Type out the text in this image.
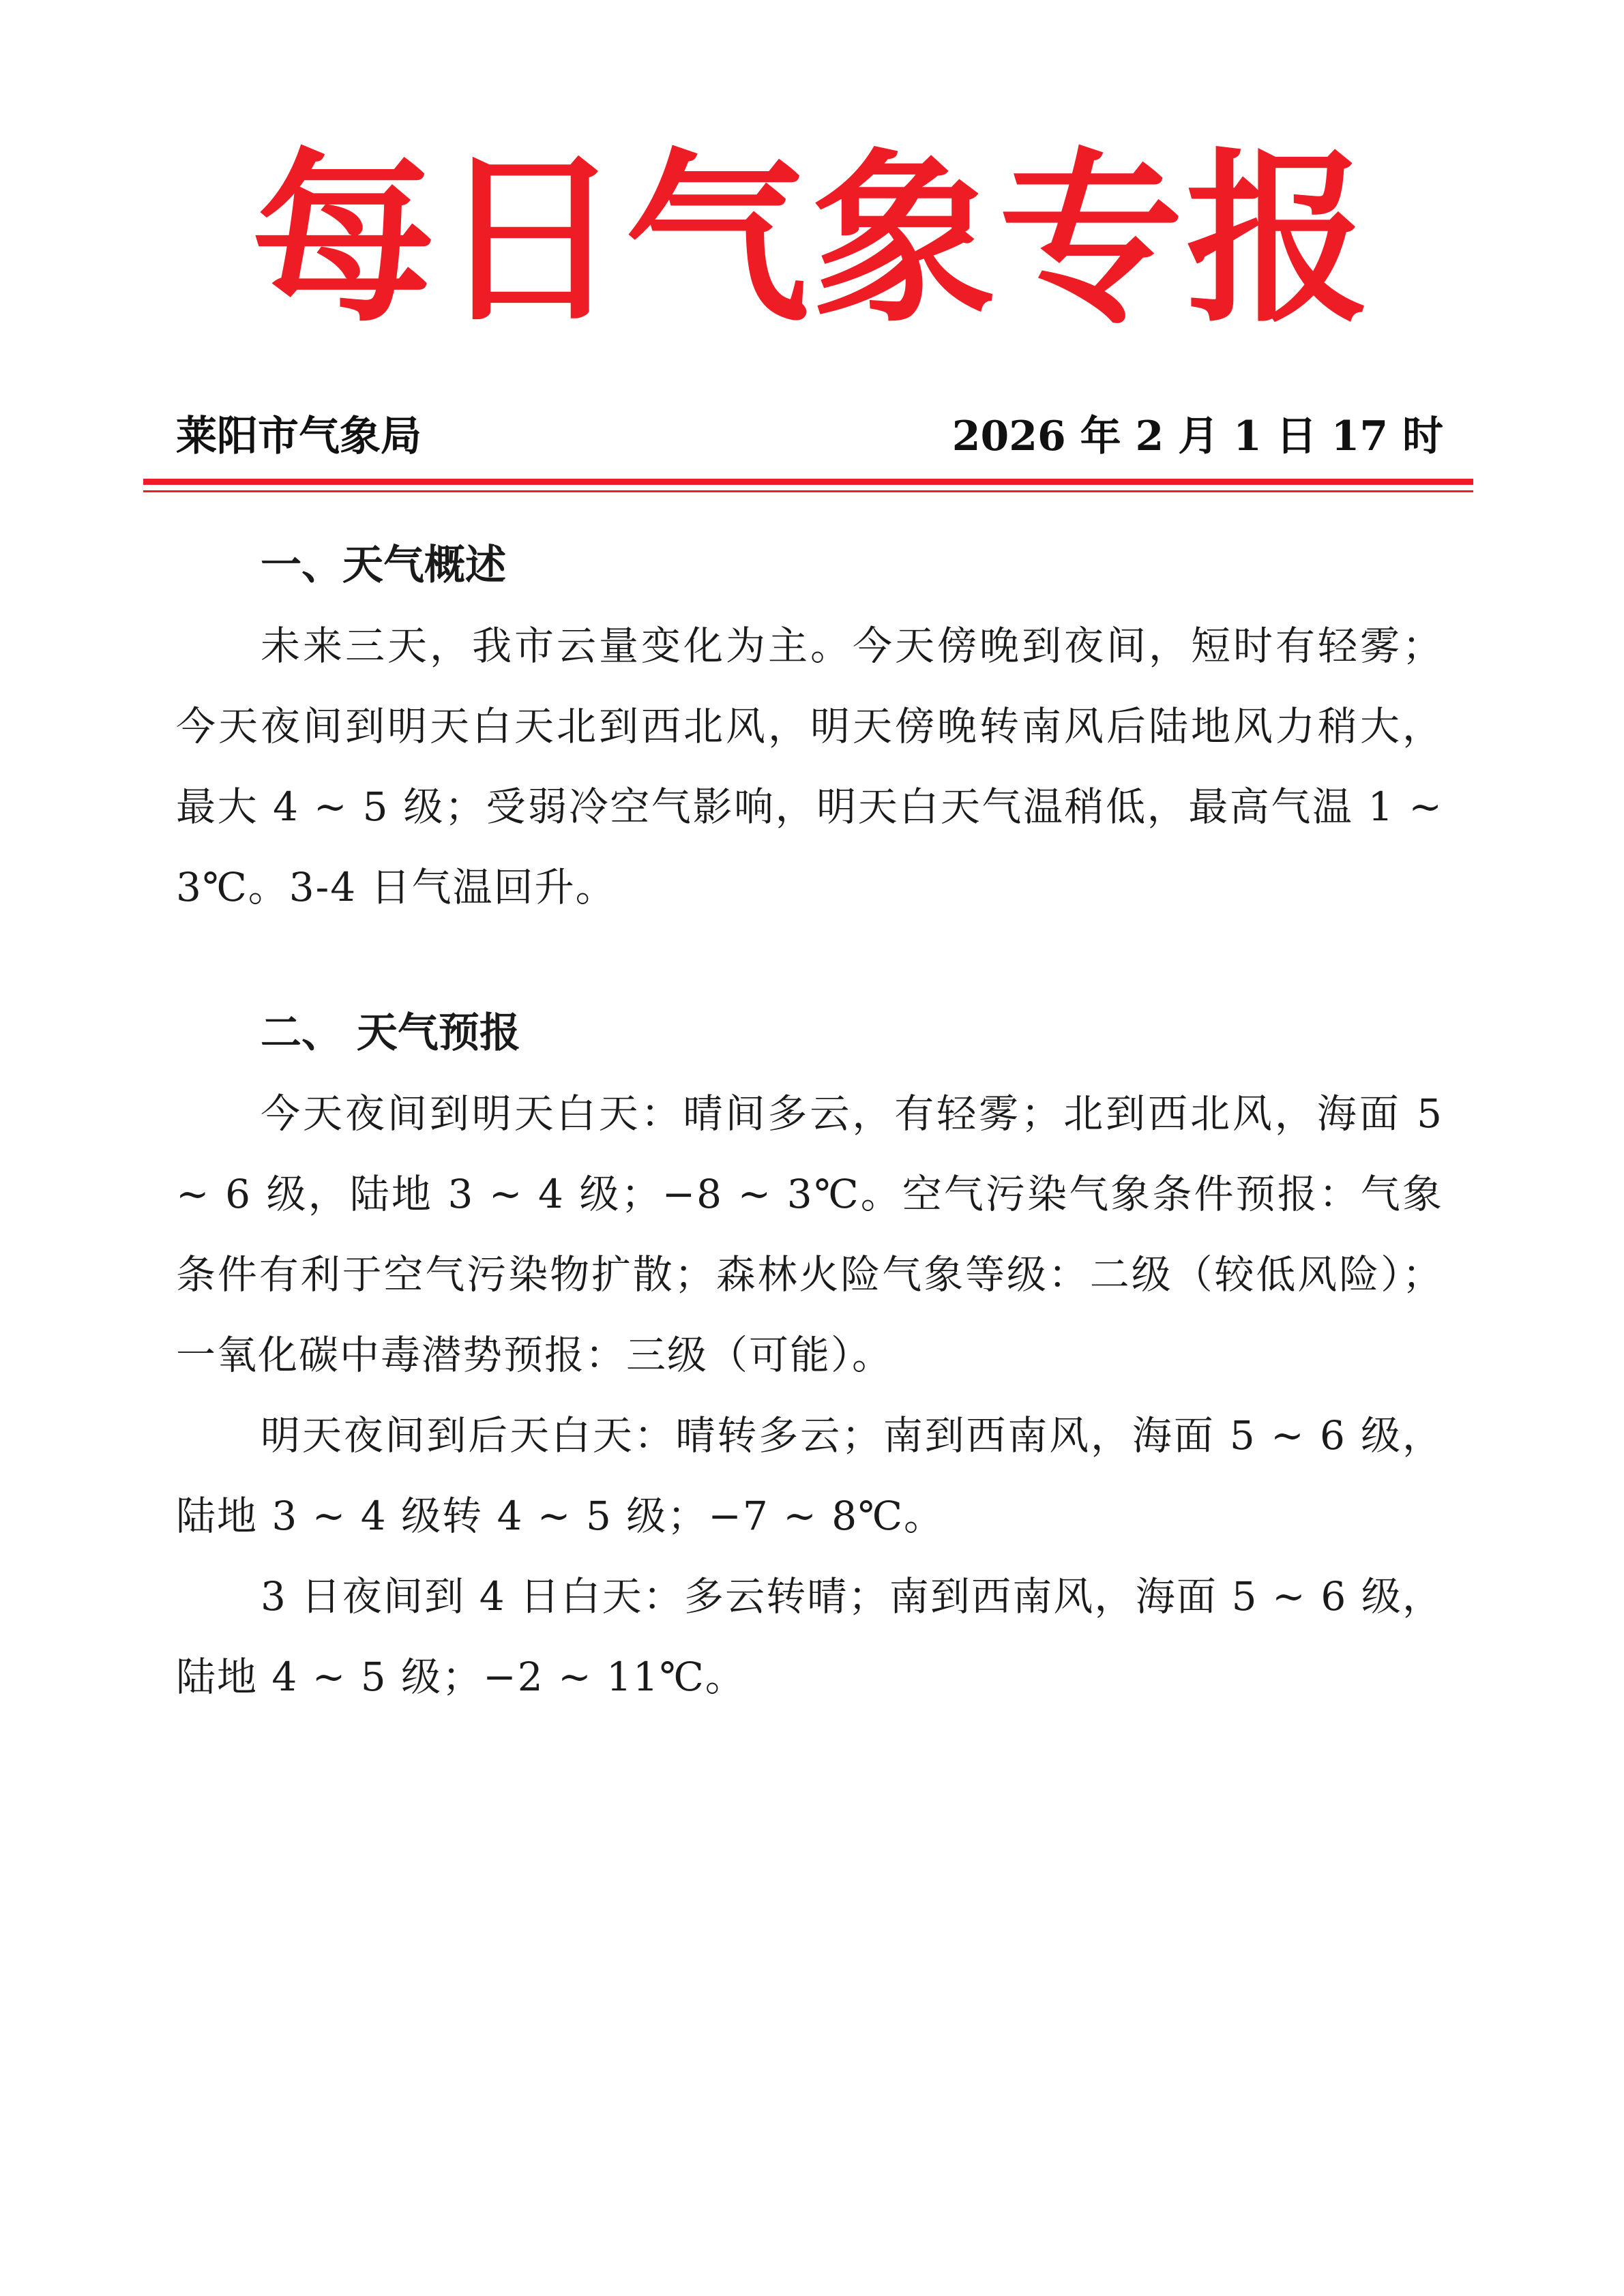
每日气象专报
莱阳市气象局	2026 年 2 月 1 日 17 时
一、天气概述

未来三天，我市云量变化为主。今天傍晚到夜间，短时有轻雾；今天夜间到明天白天北到西北风，明天傍晚转南风后陆地风力稍大，最大 4 ~ 5 级；受弱冷空气影响，明天白天气温稍低，最高气温 1 ~ 3℃。3-4 日气温回升。

二、 天气预报

今天夜间到明天白天：晴间多云，有轻雾；北到西北风，海面 5 ~ 6 级，陆地 3 ~ 4 级；−8 ~ 3℃。空气污染气象条件预报：气象条件有利于空气污染物扩散；森林火险气象等级：二级（较低风险）；一氧化碳中毒潜势预报：三级（可能）。

明天夜间到后天白天：晴转多云；南到西南风，海面 5 ~ 6 级，陆地 3 ~ 4 级转 4 ~ 5 级；−7 ~ 8℃。

3 日夜间到 4 日白天：多云转晴；南到西南风，海面 5 ~ 6 级，陆地 4 ~ 5 级；−2 ~ 11℃。
